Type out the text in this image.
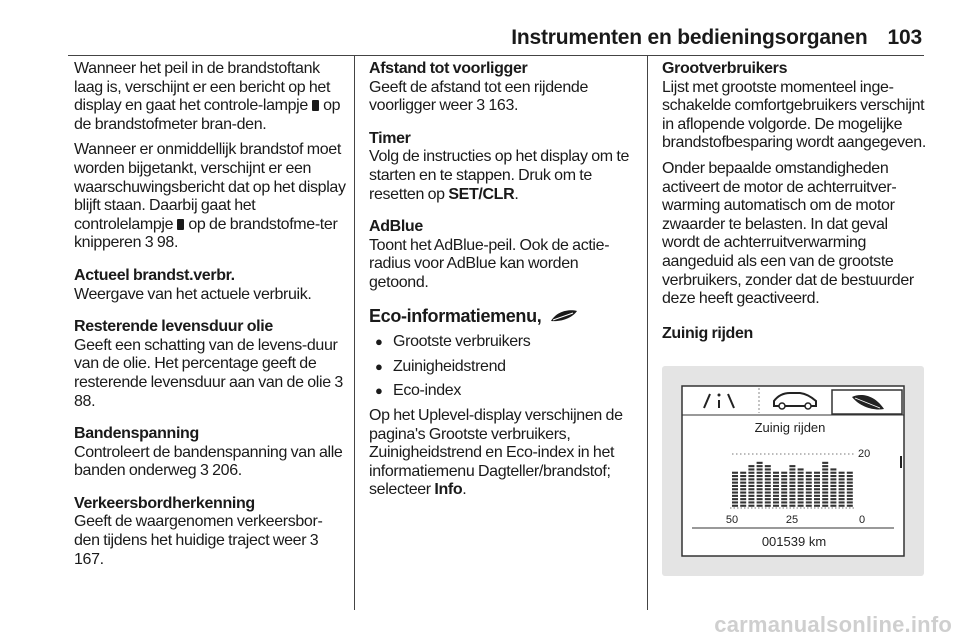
Instrumenten en bedieningsorganen 103

Wanneer het peil in de brandstoftank laag is, verschijnt er een bericht op het display en gaat het controle-lampje  op de brandstofmeter bran-den.

Wanneer er onmiddellijk brandstof moet worden bijgetankt, verschijnt er een waarschuwingsbericht dat op het display blijft staan. Daarbij gaat het controlelampje  op de brandstofme-ter knipperen 3 98.

Actueel brandst.verbr.

Weergave van het actuele verbruik.

Resterende levensduur olie

Geeft een schatting van de levens-duur van de olie. Het percentage geeft de resterende levensduur aan van de olie 3 88.

Bandenspanning

Controleert de bandenspanning van alle banden onderweg 3 206.

Verkeersbordherkenning

Geeft de waargenomen verkeersbor-den tijdens het huidige traject weer 3 167.

Afstand tot voorligger

Geeft de afstand tot een rijdende voorligger weer 3 163.

Timer

Volg de instructies op het display om te starten en te stappen. Druk om te resetten op SET/CLR.

AdBlue

Toont het AdBlue-peil. Ook de actie-radius voor AdBlue kan worden getoond.

Eco-informatiemenu,
● Grootste verbruikers
● Zuinigheidstrend
● Eco-index

Op het Uplevel-display verschijnen de pagina's Grootste verbruikers, Zuinigheidstrend en Eco-index in het informatiemenu Dagteller/brandstof; selecteer Info.

Grootverbruikers

Lijst met grootste momenteel inge-schakelde comfortgebruikers verschijnt in aflopende volgorde. De mogelijke brandstofbesparing wordt aangegeven.

Onder bepaalde omstandigheden activeert de motor de achterruitver-warming automatisch om de motor zwaarder te belasten. In dat geval wordt de achterruitverwarming aangeduid als een van de grootste verbruikers, zonder dat de bestuurder deze heeft geactiveerd.

Zuinig rijden
Zuinig rijden
20
50	25	0
001539 km
carmanualsonline.info
